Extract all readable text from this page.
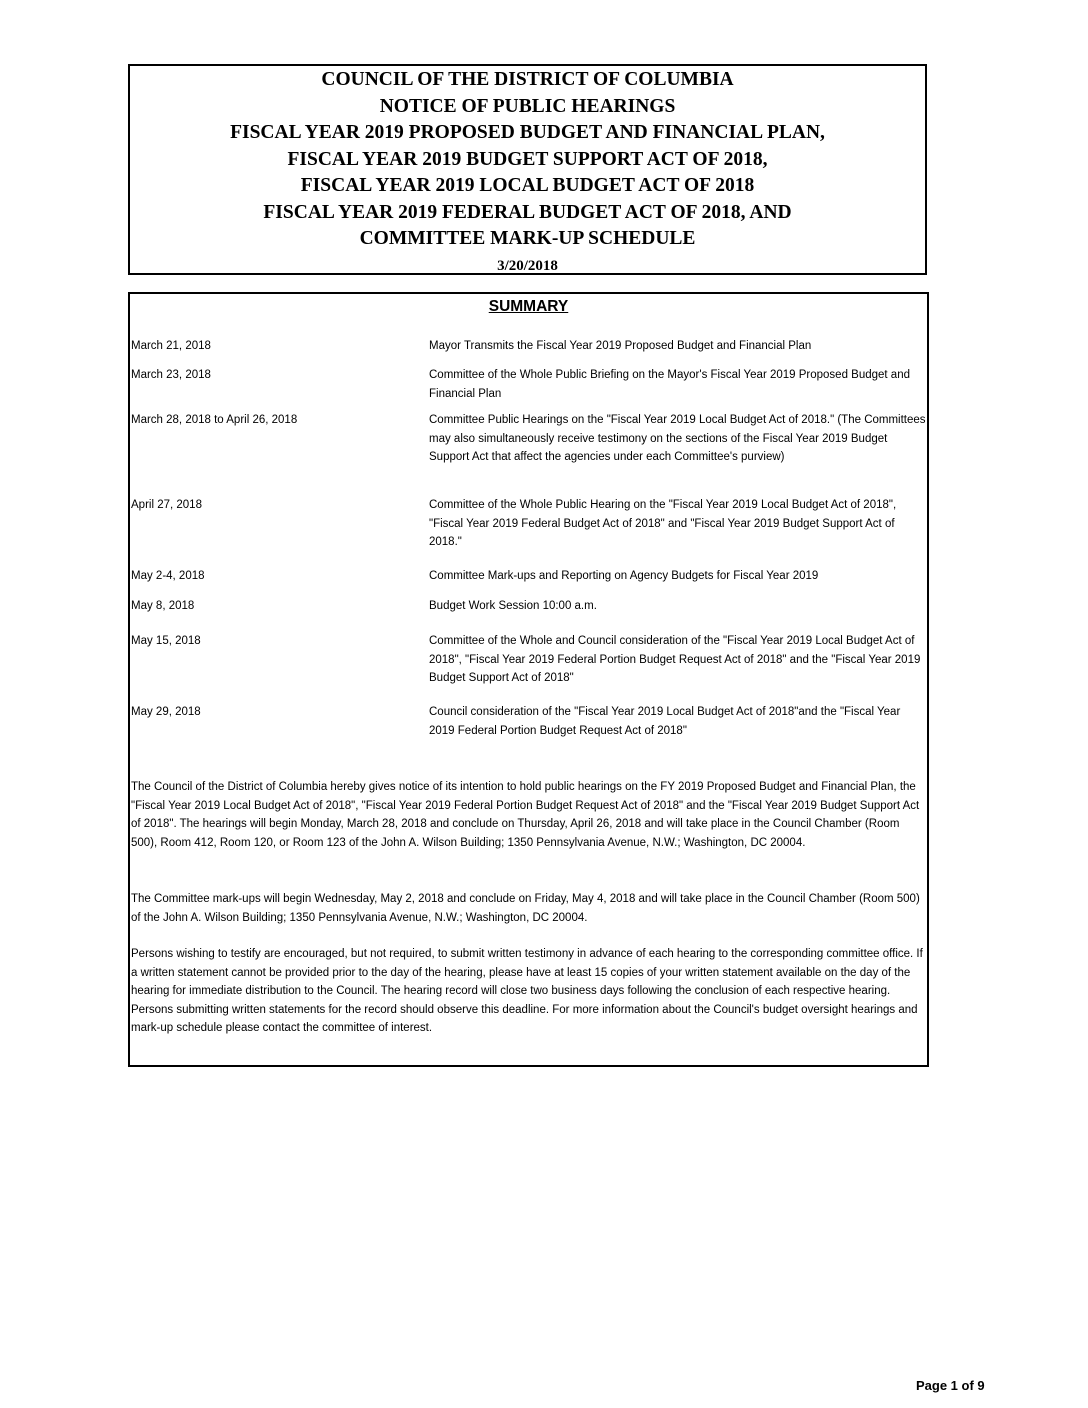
COUNCIL OF THE DISTRICT OF COLUMBIA
NOTICE OF PUBLIC HEARINGS
FISCAL YEAR 2019 PROPOSED BUDGET AND FINANCIAL PLAN,
FISCAL YEAR 2019 BUDGET SUPPORT ACT OF 2018,
FISCAL YEAR 2019 LOCAL BUDGET ACT OF 2018
FISCAL YEAR 2019 FEDERAL BUDGET ACT OF 2018, AND
COMMITTEE MARK-UP SCHEDULE
3/20/2018
SUMMARY
March 21, 2018	Mayor Transmits the Fiscal Year 2019 Proposed Budget and Financial Plan
March 23, 2018	Committee of the Whole Public Briefing on the Mayor's Fiscal Year 2019 Proposed Budget and Financial Plan
March 28, 2018 to April 26, 2018	Committee Public Hearings on the "Fiscal Year 2019 Local Budget Act of 2018." (The Committees may also simultaneously receive testimony on the sections of the Fiscal Year 2019 Budget Support Act that affect the agencies under each Committee's purview)
April 27, 2018	Committee of the Whole Public Hearing on the "Fiscal Year 2019 Local Budget Act of 2018", "Fiscal Year 2019 Federal Budget Act of 2018" and "Fiscal Year 2019 Budget Support Act of 2018."
May 2-4, 2018	Committee Mark-ups and Reporting on Agency Budgets for Fiscal Year 2019
May 8, 2018	Budget Work Session 10:00 a.m.
May 15, 2018	Committee of the Whole and Council consideration of the "Fiscal Year 2019 Local Budget Act of 2018", "Fiscal Year 2019 Federal Portion Budget Request Act of 2018" and the "Fiscal Year 2019 Budget Support Act of 2018"
May 29, 2018	Council consideration of the "Fiscal Year 2019 Local Budget Act of 2018"and the "Fiscal Year 2019 Federal Portion Budget Request Act of 2018"
The Council of the District of Columbia hereby gives notice of its intention to hold public hearings on the FY 2019 Proposed Budget and Financial Plan, the "Fiscal Year 2019 Local Budget Act of 2018", "Fiscal Year 2019 Federal Portion Budget Request Act of 2018" and the "Fiscal Year 2019 Budget Support Act of 2018". The hearings will begin Monday, March 28, 2018 and conclude on Thursday, April 26, 2018 and will take place in the Council Chamber (Room 500), Room 412, Room 120, or Room 123 of the John A. Wilson Building; 1350 Pennsylvania Avenue, N.W.; Washington, DC 20004.
The Committee mark-ups will begin Wednesday, May 2, 2018 and conclude on Friday, May 4, 2018 and will take place in the Council Chamber (Room 500) of the John A. Wilson Building; 1350 Pennsylvania Avenue, N.W.; Washington, DC 20004.
Persons wishing to testify are encouraged, but not required, to submit written testimony in advance of each hearing to the corresponding committee office. If a written statement cannot be provided prior to the day of the hearing, please have at least 15 copies of your written statement available on the day of the hearing for immediate distribution to the Council. The hearing record will close two business days following the conclusion of each respective hearing. Persons submitting written statements for the record should observe this deadline. For more information about the Council's budget oversight hearings and mark-up schedule please contact the committee of interest.
Page 1 of 9
